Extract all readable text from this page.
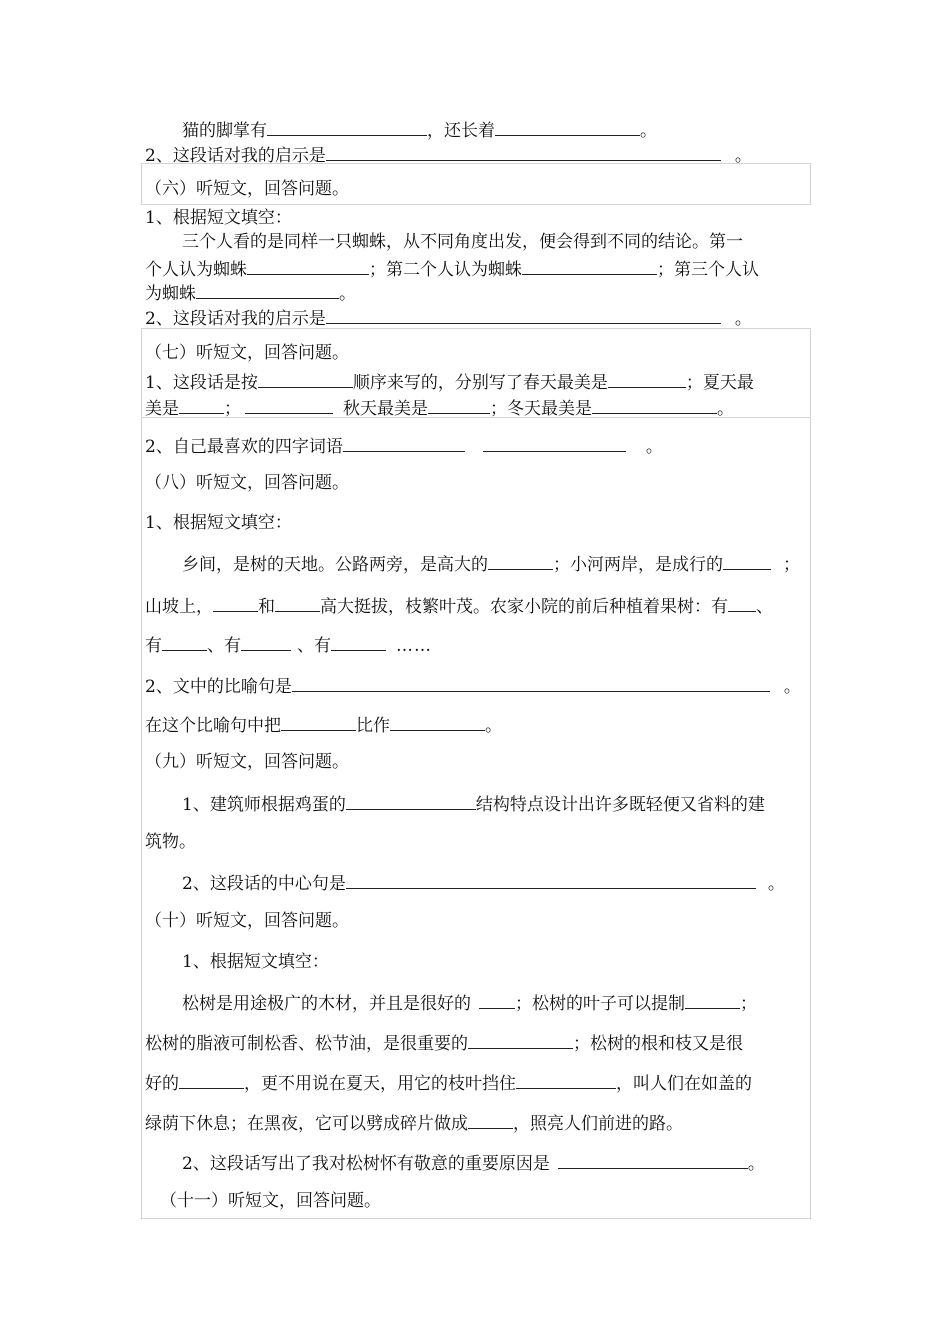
猫的脚掌有	，还长着	。
2、这段话对我的启示是	。
（六）听短文，回答问题。
1、根据短文填空：
三个人看的是同样一只蜘蛛，从不同角度出发，便会得到不同的结论。第一
个人认为蜘蛛	；第二个人认为蜘蛛	；第三个人认
为蜘蛛	。
2、这段话对我的启示是	。
（七）听短文，回答问题。
1、这段话是按	顺序来写的，分别写了春天最美是	；夏天最
美是	；	秋天最美是	；冬天最美是	。
2、自己最喜欢的四字词语	。
（八）听短文，回答问题。
1、根据短文填空：
乡间，是树的天地。公路两旁，是高大的	；小河两岸，是成行的	；
山坡上，	和	高大挺拔，枝繁叶茂。农家小院的前后种植着果树：有 、
有	、有	、有	……
2、文中的比喻句是	。
在这个比喻句中把	比作	。
（九）听短文，回答问题。
1、建筑师根据鸡蛋的	结构特点设计出许多既轻便又省料的建
筑物。
2、这段话的中心句是	。
（十）听短文，回答问题。
1、根据短文填空：
松树是用途极广的木材，并且是很好的	；松树的叶子可以提制	；
松树的脂液可制松香、松节油，是很重要的	；松树的根和枝又是很
好的	，更不用说在夏天，用它的枝叶挡住	，叫人们在如盖的
绿荫下休息；在黑夜，它可以劈成碎片做成	，照亮人们前进的路。
2、这段话写出了我对松树怀有敬意的重要原因是	。
（十一）听短文，回答问题。
